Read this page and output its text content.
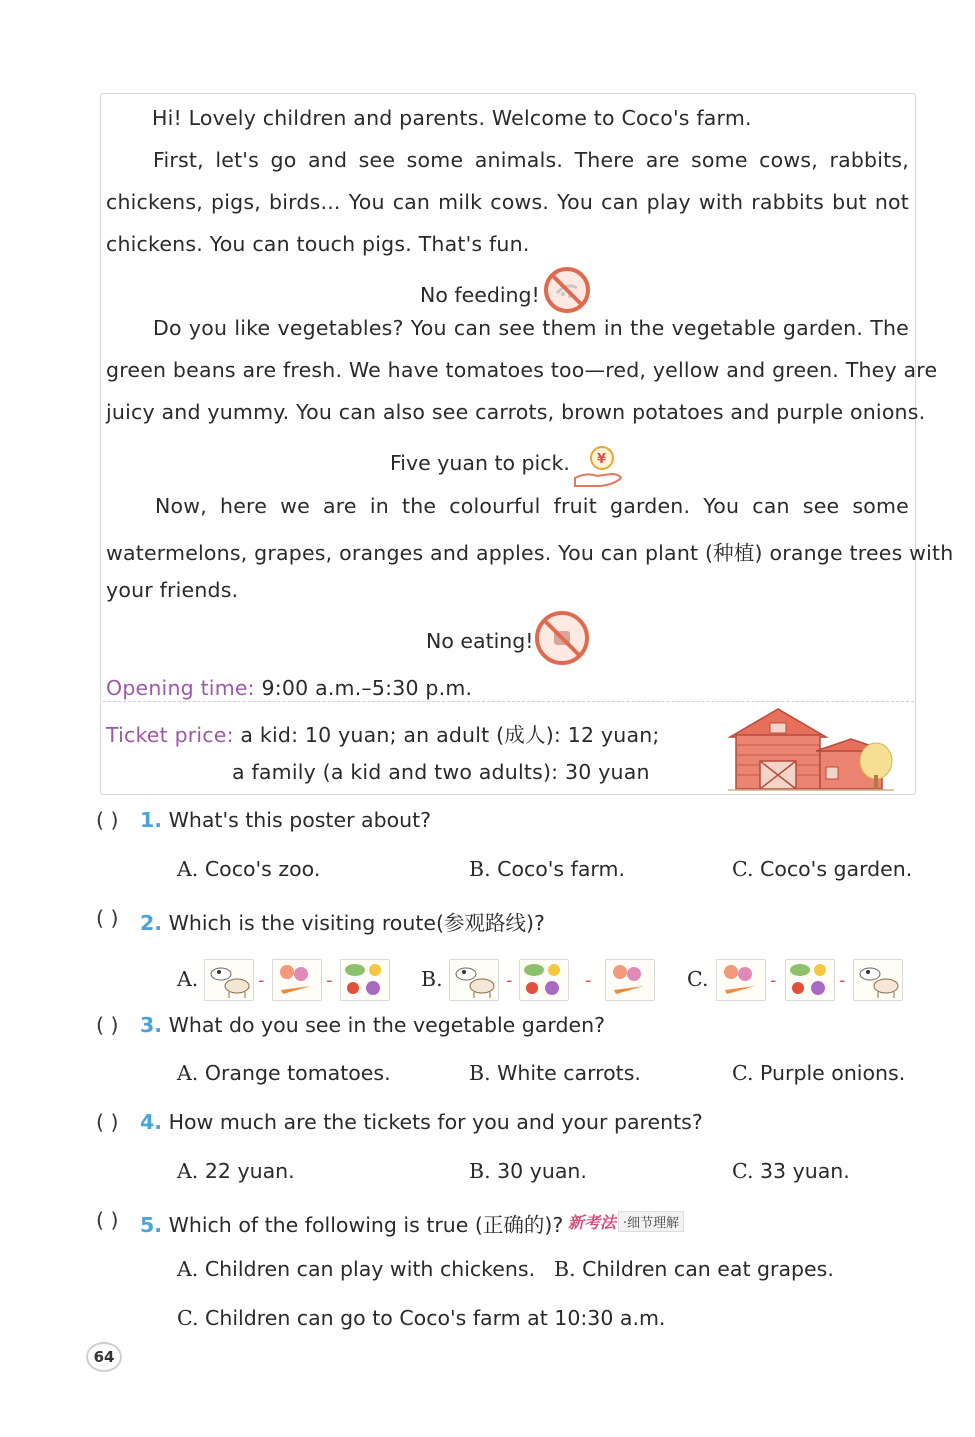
Hi! Lovely children and parents. Welcome to Coco's farm.
First, let's go and see some animals. There are some cows, rabbits,
chickens, pigs, birds... You can milk cows. You can play with rabbits but not
chickens. You can touch pigs. That's fun.
No feeding!
Do you like vegetables? You can see them in the vegetable garden. The
green beans are fresh. We have tomatoes too—red, yellow and green. They are
juicy and yummy. You can also see carrots, brown potatoes and purple onions.
Five yuan to pick. ¥
Now, here we are in the colourful fruit garden. You can see some
watermelons, grapes, oranges and apples. You can plant (种植) orange trees with
your friends.
No eating!
Opening time: 9:00 a.m.–5:30 p.m.
Ticket price: a kid: 10 yuan; an adult (成人): 12 yuan;
a family (a kid and two adults): 30 yuan
( ) 1. What's this poster about?
A. Coco's zoo.	B. Coco's farm.	C. Coco's garden.
( ) 2. Which is the visiting route(参观路线)?
A.	-	-	B.	-	-	C.	-	-
( ) 3. What do you see in the vegetable garden?
A. Orange tomatoes.	B. White carrots.	C. Purple onions.
( ) 4. How much are the tickets for you and your parents?
A. 22 yuan.	B. 30 yuan.	C. 33 yuan.
( ) 5. Which of the following is true (正确的)? 新考法 ·细节理解
A. Children can play with chickens. B. Children can eat grapes.
C. Children can go to Coco's farm at 10:30 a.m.
64
